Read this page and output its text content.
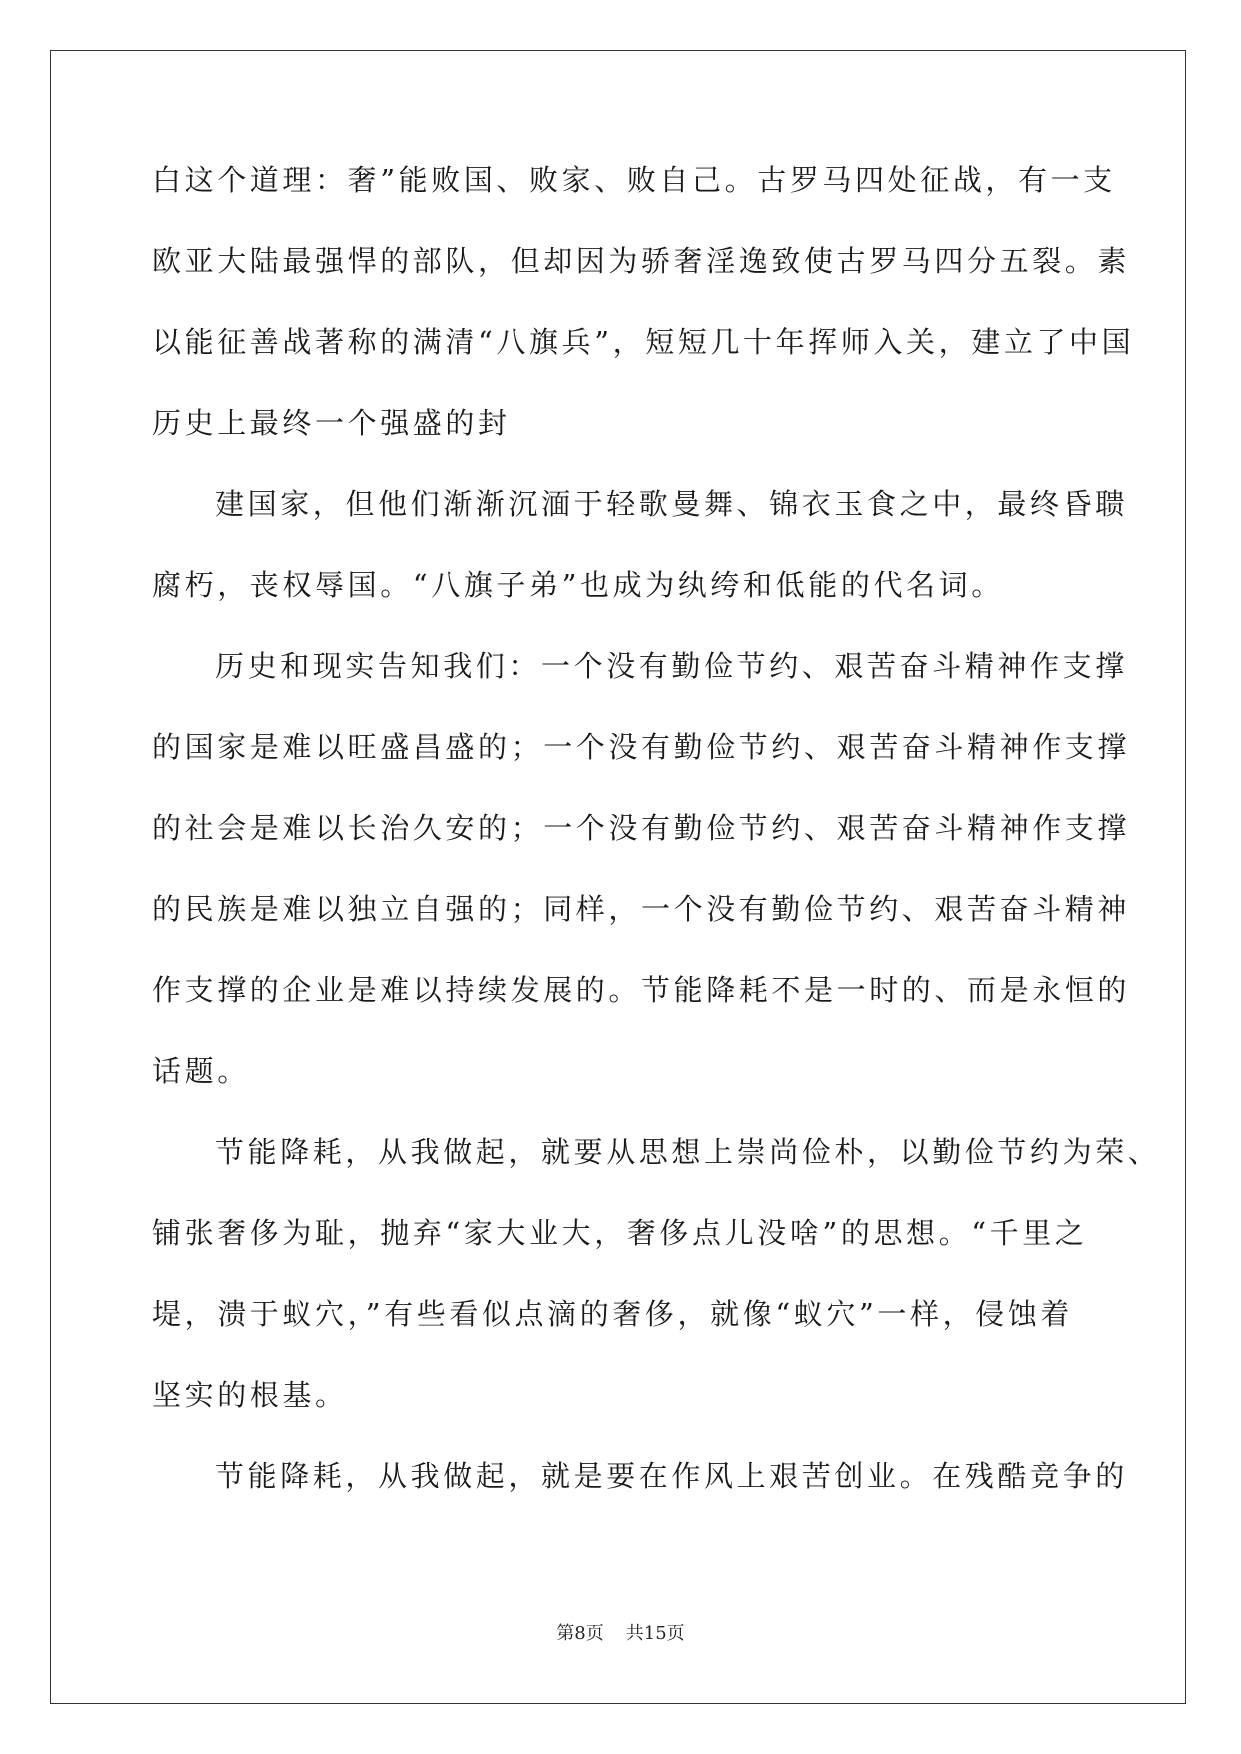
白这个道理：奢”能败国、败家、败自己。古罗马四处征战，有一支

欧亚大陆最强悍的部队，但却因为骄奢淫逸致使古罗马四分五裂。素

以能征善战著称的满清“八旗兵”，短短几十年挥师入关，建立了中国

历史上最终一个强盛的封

建国家，但他们渐渐沉湎于轻歌曼舞、锦衣玉食之中，最终昏聩

腐朽，丧权辱国。“八旗子弟”也成为纨绔和低能的代名词。

历史和现实告知我们：一个没有勤俭节约、艰苦奋斗精神作支撑

的国家是难以旺盛昌盛的；一个没有勤俭节约、艰苦奋斗精神作支撑

的社会是难以长治久安的；一个没有勤俭节约、艰苦奋斗精神作支撑

的民族是难以独立自强的；同样，一个没有勤俭节约、艰苦奋斗精神

作支撑的企业是难以持续发展的。节能降耗不是一时的、而是永恒的

话题。

节能降耗，从我做起，就要从思想上崇尚俭朴，以勤俭节约为荣、

铺张奢侈为耻，抛弃“家大业大，奢侈点儿没啥”的思想。“千里之

堤，溃于蚁穴，”有些看似点滴的奢侈，就像“蚁穴”一样，侵蚀着

坚实的根基。

节能降耗，从我做起，就是要在作风上艰苦创业。在残酷竞争的

第8页 共15页
